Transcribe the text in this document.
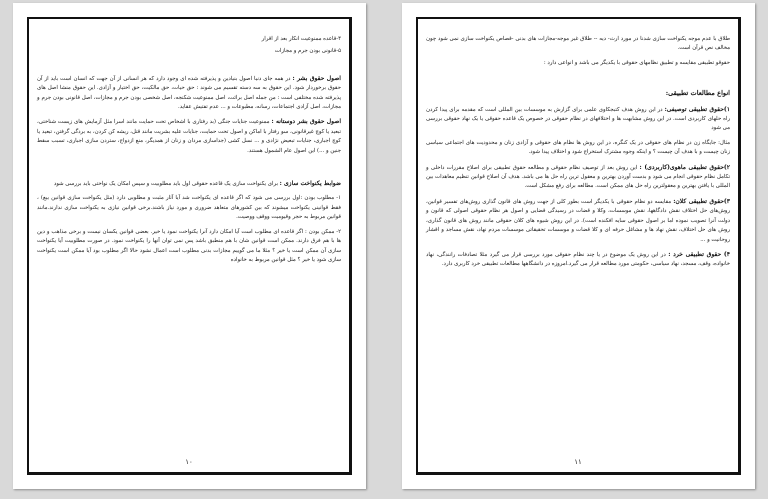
۴-قاعده ممنوعیت انکار بعد از اقرار

۵-قانونی بودن جرم و مجازات

اصول حقوق بشر : در همه جای دنیا اصول بنیادین و پذیرفته شده ای وجود دارد که هر انسانی از آن جهت که انسان است باید از آن حقوق برخوردار شود. این حقوق به سه دسته تقسیم می شوند : حق حیات، حق مالکیت، حق اختیار و آزادی. این حقوق منشا اصل های پذیرفته شده مختلفی است : من جمله اصل برائت، اصل ممنوعیت شکنجه، اصل شخصی بودن جرم و مجازات، اصل قانونی بودن جرم و مجازات، اصل آزادی اجتماعات، رسانه، مطبوعات و ... عدم تفتیش عقاید.

اصول حقوق بشر دوستانه : ممنوعیت جنایات جنگی (بد رفتاری با اشخاص تحت حمایت مانند اسرا مثل آزمایش های زیست شناختی، تبعید یا کوچ غیرقانونی، سو رفتار با اماکن و اصول تحت حمایت، جنایات علیه بشریت مانند قتل، ریشه کن کردن، به بردگی گرفتن، تبعید یا کوچ اجباری، جنایات تبعیض نژادی و ... نسل کشی (جداسازی مردان و زنان از همدیگر، منع ازدواج، ستردن سازی اجباری، تسبب سقط جنین و ...) این اصول عام الشمول هستند.

ضوابط یکنواخت سازی : برای یکنواخت سازی یک قاعده حقوقی اول باید مطلوبیت و سپس امکان یک نواختی باید بررسی شود

۱- مطلوب بودن :اول بررسی می شود که اگر قاعده ای یکنواخت شد آیا آثار مثبت و مطلوبی دارد (مثل یکنواخت سازی قوانین بیع) ، فقط قوانینی یکنواخت میشوند که بین کشورهای متعاهد ضروری و مورد نیاز باشند.برخی قوانین نیازی به یکنواخت سازی ندارند.مانند قوانین مربوط به حجر وقیومیت ووقف ووصیت.

۲- ممکن بودن : اگر قاعده ای مطلوب است آیا امکان دارد آنرا یکنواخت نمود یا خیر. بعضی قوانین یکسان نیست و برخی مذاهب و دین ها با هم فرق دارند. ممکن است قوانین شان با هم منطبق باشد پس نمی توان آنها را یکنواخت نمود. در صورت مطلوبیت آیا یکنواخت سازی آن ممکن است یا خیر ؟ مثلا ما می گوییم مجازات بدنی مطلوب است اعمال نشود حالا اگر مطلوب بود آیا ممکن است یکنواخت سازی شود یا خیر ؟ مثل قوانین مربوط به خانواده

۱۰

طلاق با عدم موجه یکنواخت سازی شدنا در مورد ارث- دیه -- طلاق غیر موجه-مجازات های بدنی -قصاص یکنواخت سازی نمی شود چون مخالف نص قرآن است.

حقوقو تطبیقی مقایسه و تطبیق نظامهای حقوقی با یکدیگر می باشد و انواعی دارد :

انواع مطالعات تطبیقی:

۱)حقوق تطبیقی توصیفی: در این روش هدف کتبجکاوی علمی برای گزارش به موسسات بین المللی است که مقدمه برای پیدا کردن راه حلهای کاربردی است. در این روش مشابهت ها و اختلافهای در نظام حقوقی در خصوص یک قاعده حقوقی یا یک نهاد حقوقی بررسی می شود

مثال: جایگاه زن در نظام های حقوقی در یک کنگره، در این روش ها نظام های حقوقی و آزادی زنان و محدودیت های اجتماعی سیاسی زنان چیست و با هدف آن چیست ؟ و اینکه وجوه مشترک استخراج شود و اختلاف پیدا شود.

۲)حقوق تطبیقی ماهوی(کاربردی) : این روش بعد از توصیف نظام حقوقی و مطالعه حقوق تطبیقی برای اصلاح مقررات داخلی و تکامل نظام حقوقی انجام می شود و بدست آوردن بهترین و معقول ترین راه حل ها می باشد. هدف آن اصلاح قوانین تنظیم معاهدات بین المللی با یافتن بهترین و معقولترین راه حل های ممکن است. مطالعه برای رفع مشکل است.

۳)حقوق تطبیقی کلان: مقایسه دو نظام حقوقی با یکدیگر است بطور کلی از جهت روش های قانون گذاری روش‌های تفسیر قوانین، روش‌های حل اختلاف نقش دادگاهها، نقش موسسات، وکلا و قضات در رسیدگی قضایی و اصول هر نظام حقوقی اصولی که قانون و دولت آنرا تصویب نموده اما بر اصول حقوقی سایه افکنده است). در این روش شیوه های کلان حقوقی مانند روش های قانون گذاری، روش های حل اختلاف، نقش نهاد ها و مشاغل حرفه ای و کلا قضات و موسسات تحقیقاتی موسسات مردم نهاد، نقش مساجد و اقشار روحانیت و ...

۴) حقوق تطبیقی خرد : در این روش یک موضوع در یا چند نظام حقوقی مورد بررسی قرار می گیرد مثلا تصادفات رانندگی، نهاد خانواده، وقف، مسجد، نهاد سیاسی، حکومتی مورد مطالعه قرار می گیرد.امروزه در دانشگاهها مطالعات تطبیقی خرد کاربری دارد.

۱۱
